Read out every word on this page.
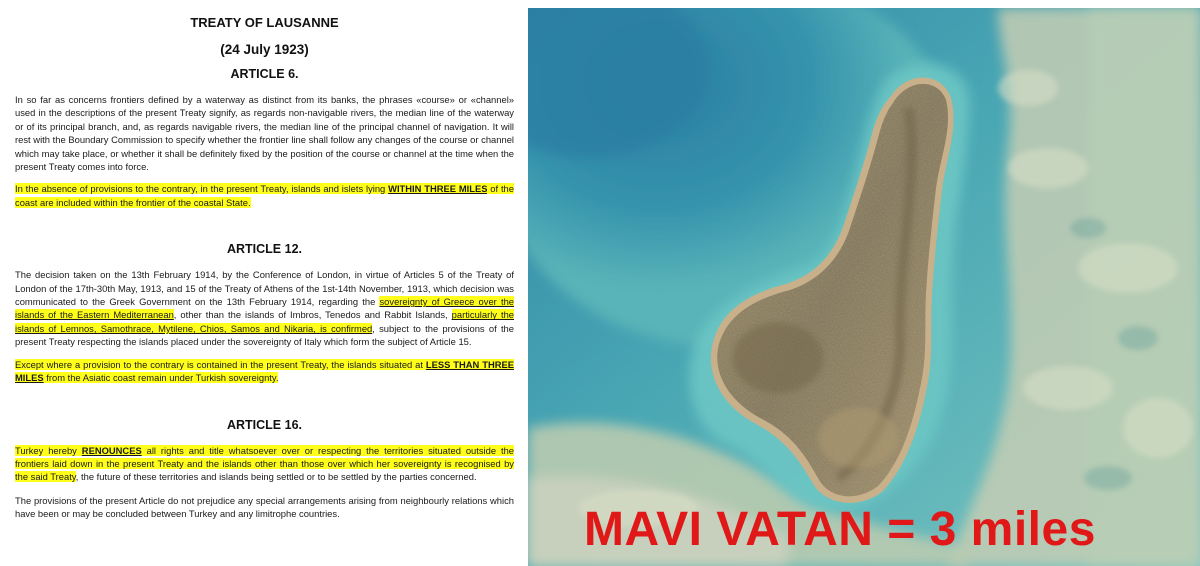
TREATY OF LAUSANNE
(24 July 1923)
ARTICLE 6.

In so far as concerns frontiers defined by a waterway as distinct from its banks, the phrases «course» or «channel» used in the descriptions of the present Treaty signify, as regards non-navigable rivers, the median line of the waterway or of its principal branch, and, as regards navigable rivers, the median line of the principal channel of navigation. It will rest with the Boundary Commission to specify whether the frontier line shall follow any changes of the course or channel which may take place, or whether it shall be definitely fixed by the position of the course or channel at the time when the present Treaty comes into force.

In the absence of provisions to the contrary, in the present Treaty, islands and islets lying WITHIN THREE MILES of the coast are included within the frontier of the coastal State.

ARTICLE 12.

The decision taken on the 13th February 1914, by the Conference of London, in virtue of Articles 5 of the Treaty of London of the 17th-30th May, 1913, and 15 of the Treaty of Athens of the 1st-14th November, 1913, which decision was communicated to the Greek Government on the 13th February 1914, regarding the sovereignty of Greece over the islands of the Eastern Mediterranean, other than the islands of Imbros, Tenedos and Rabbit Islands, particularly the islands of Lemnos, Samothrace, Mytilene, Chios, Samos and Nikaria, is confirmed, subject to the provisions of the present Treaty respecting the islands placed under the sovereignty of Italy which form the subject of Article 15.

Except where a provision to the contrary is contained in the present Treaty, the islands situated at LESS THAN THREE MILES from the Asiatic coast remain under Turkish sovereignty.

ARTICLE 16.

Turkey hereby RENOUNCES all rights and title whatsoever over or respecting the territories situated outside the frontiers laid down in the present Treaty and the islands other than those over which her sovereignty is recognised by the said Treaty, the future of these territories and islands being settled or to be settled by the parties concerned.

The provisions of the present Article do not prejudice any special arrangements arising from neighbourly relations which have been or may be concluded between Turkey and any limitrophe countries.	MAVI VATAN = 3 miles
